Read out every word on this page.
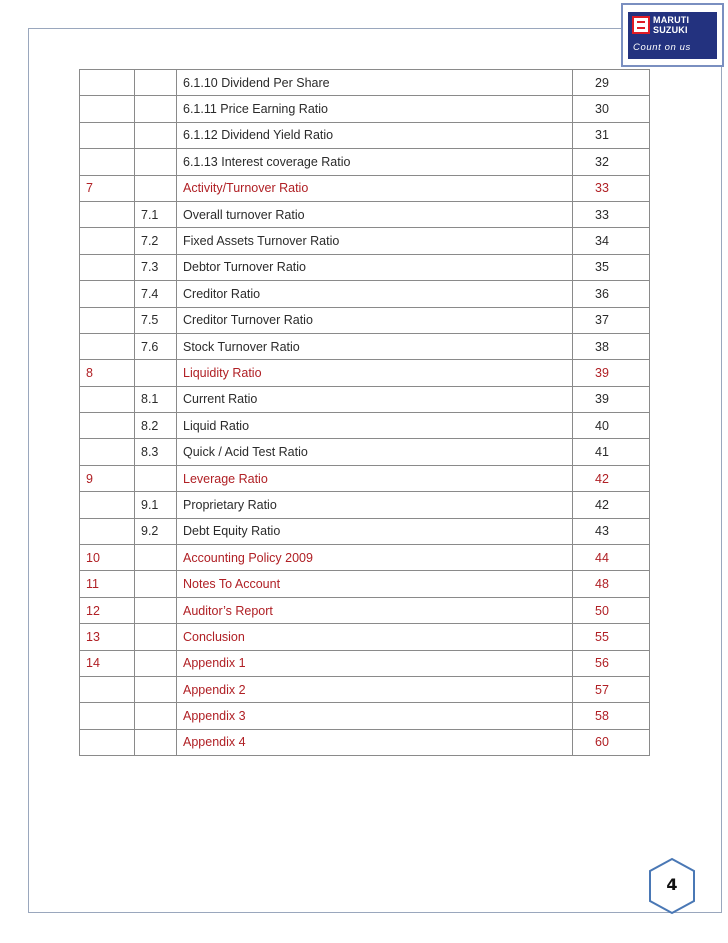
MARUTI
SUZUKI
Count on us
		6.1.10 Dividend Per Share	29
		6.1.11 Price Earning Ratio	30
		6.1.12 Dividend Yield Ratio	31
		6.1.13 Interest coverage Ratio	32
7		Activity/Turnover Ratio	33
	7.1	Overall turnover Ratio	33
	7.2	Fixed Assets Turnover Ratio	34
	7.3	Debtor Turnover Ratio	35
	7.4	Creditor Ratio	36
	7.5	Creditor Turnover Ratio	37
	7.6	Stock Turnover Ratio	38
8		Liquidity Ratio	39
	8.1	Current Ratio	39
	8.2	Liquid Ratio	40
	8.3	Quick / Acid Test Ratio	41
9		Leverage Ratio	42
	9.1	Proprietary Ratio	42
	9.2	Debt Equity Ratio	43
10		Accounting Policy 2009	44
11		Notes To Account	48
12		Auditor’s Report	50
13		Conclusion	55
14		Appendix 1	56
		Appendix 2	57
		Appendix 3	58
		Appendix 4	60
4
